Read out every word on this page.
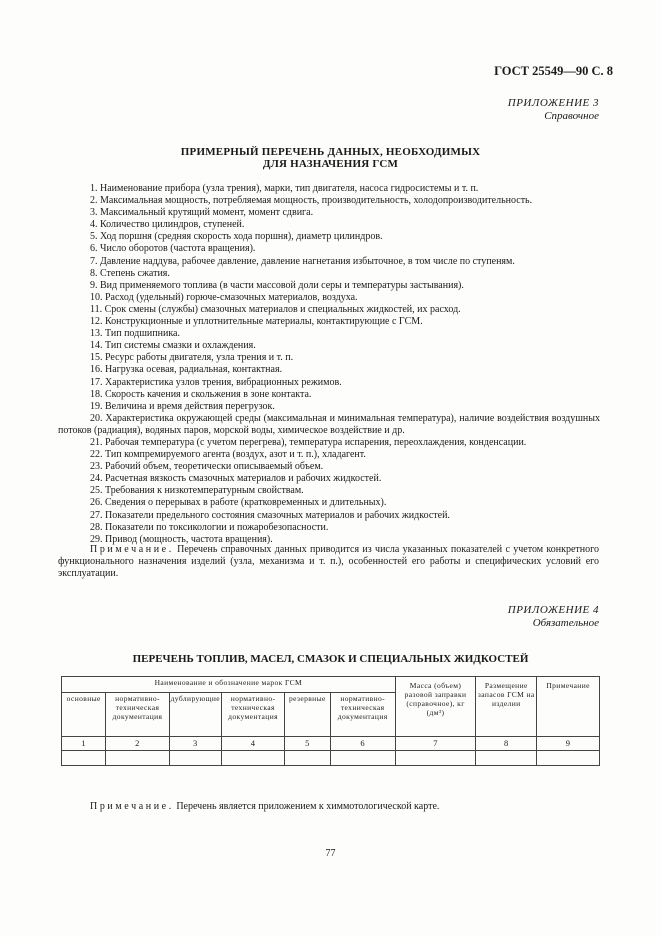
ГОСТ 25549—90 С. 8
ПРИЛОЖЕНИЕ 3
Справочное
ПРИМЕРНЫЙ ПЕРЕЧЕНЬ ДАННЫХ, НЕОБХОДИМЫХ
ДЛЯ НАЗНАЧЕНИЯ ГСМ
1. Наименование прибора (узла трения), марки, тип двигателя, насоса гидросистемы и т. п.
2. Максимальная мощность, потребляемая мощность, производительность, холодопроизводительность.
3. Максимальный крутящий момент, момент сдвига.
4. Количество цилиндров, ступеней.
5. Ход поршня (средняя скорость хода поршня), диаметр цилиндров.
6. Число оборотов (частота вращения).
7. Давление наддува, рабочее давление, давление нагнетания избыточное, в том числе по ступеням.
8. Степень сжатия.
9. Вид применяемого топлива (в части массовой доли серы и температуры застывания).
10. Расход (удельный) горюче-смазочных материалов, воздуха.
11. Срок смены (службы) смазочных материалов и специальных жидкостей, их расход.
12. Конструкционные и уплотнительные материалы, контактирующие с ГСМ.
13. Тип подшипника.
14. Тип системы смазки и охлаждения.
15. Ресурс работы двигателя, узла трения и т. п.
16. Нагрузка осевая, радиальная, контактная.
17. Характеристика узлов трения, вибрационных режимов.
18. Скорость качения и скольжения в зоне контакта.
19. Величина и время действия перегрузок.
20. Характеристика окружающей среды (максимальная и минимальная температура), наличие воздействия воздушных потоков (радиация), водяных паров, морской воды, химическое воздействие и др.
21. Рабочая температура (с учетом перегрева), температура испарения, переохлаждения, конденсации.
22. Тип компремируемого агента (воздух, азот и т. п.), хладагент.
23. Рабочий объем, теоретически описываемый объем.
24. Расчетная вязкость смазочных материалов и рабочих жидкостей.
25. Требования к низкотемпературным свойствам.
26. Сведения о перерывах в работе (кратковременных и длительных).
27. Показатели предельного состояния смазочных материалов и рабочих жидкостей.
28. Показатели по токсикологии и пожаробезопасности.
29. Привод (мощность, частота вращения).
Примечание. Перечень справочных данных приводится из числа указанных показателей с учетом конкретного функционального назначения изделий (узла, механизма и т. п.), особенностей его работы и специфических условий его эксплуатации.
ПРИЛОЖЕНИЕ 4
Обязательное
ПЕРЕЧЕНЬ ТОПЛИВ, МАСЕЛ, СМАЗОК И СПЕЦИАЛЬНЫХ ЖИДКОСТЕЙ
Наименование и обозначение марок ГСМ						Масса (объем) разовой заправки (справочное), кг (дм³)	Размещение запасов ГСМ на изделии	Примечание
основные	нормативно-техническая документация	дублирующие	нормативно-техническая документация	резервные	нормативно-техническая документация			
1	2	3	4	5	6	7	8	9

Примечание. Перечень является приложением к химмотологической карте.
77
